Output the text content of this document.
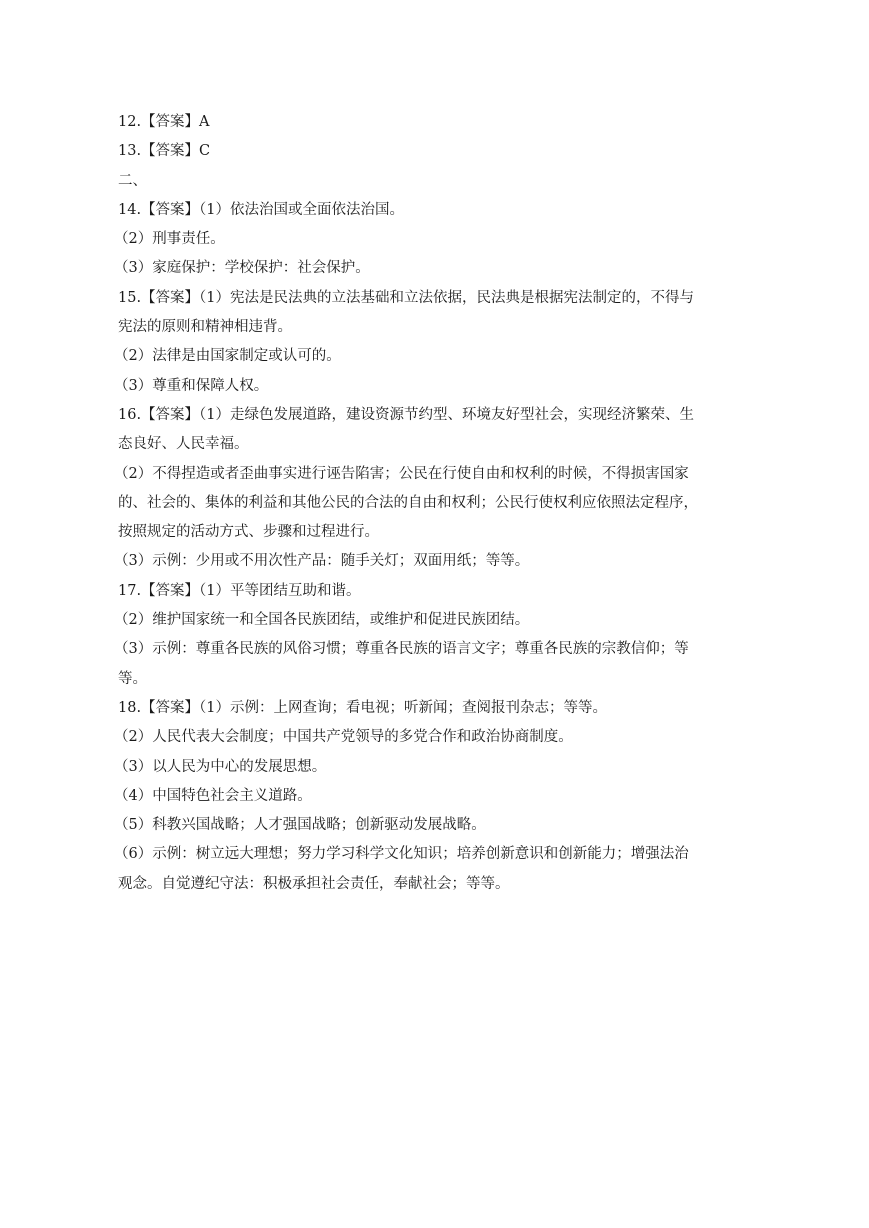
12.【答案】A
13.【答案】C
二、
14.【答案】（1）依法治国或全面依法治国。
（2）刑事责任。
（3）家庭保护：学校保护：社会保护。
15.【答案】（1）宪法是民法典的立法基础和立法依据，民法典是根据宪法制定的，不得与
宪法的原则和精神相违背。
（2）法律是由国家制定或认可的。
（3）尊重和保障人权。
16.【答案】（1）走绿色发展道路，建设资源节约型、环境友好型社会，实现经济繁荣、生
态良好、人民幸福。
（2）不得捏造或者歪曲事实进行诬告陷害；公民在行使自由和权利的时候，不得损害国家
的、社会的、集体的利益和其他公民的合法的自由和权利；公民行使权利应依照法定程序，
按照规定的活动方式、步骤和过程进行。
（3）示例：少用或不用次性产品：随手关灯；双面用纸；等等。
17.【答案】（1）平等团结互助和谐。
（2）维护国家统一和全国各民族团结，或维护和促进民族团结。
（3）示例：尊重各民族的风俗习惯；尊重各民族的语言文字；尊重各民族的宗教信仰；等
等。
18.【答案】（1）示例：上网查询；看电视；听新闻；查阅报刊杂志；等等。
（2）人民代表大会制度；中国共产党领导的多党合作和政治协商制度。
（3）以人民为中心的发展思想。
（4）中国特色社会主义道路。
（5）科教兴国战略；人才强国战略；创新驱动发展战略。
（6）示例：树立远大理想；努力学习科学文化知识；培养创新意识和创新能力；增强法治
观念。自觉遵纪守法：积极承担社会责任，奉献社会；等等。
